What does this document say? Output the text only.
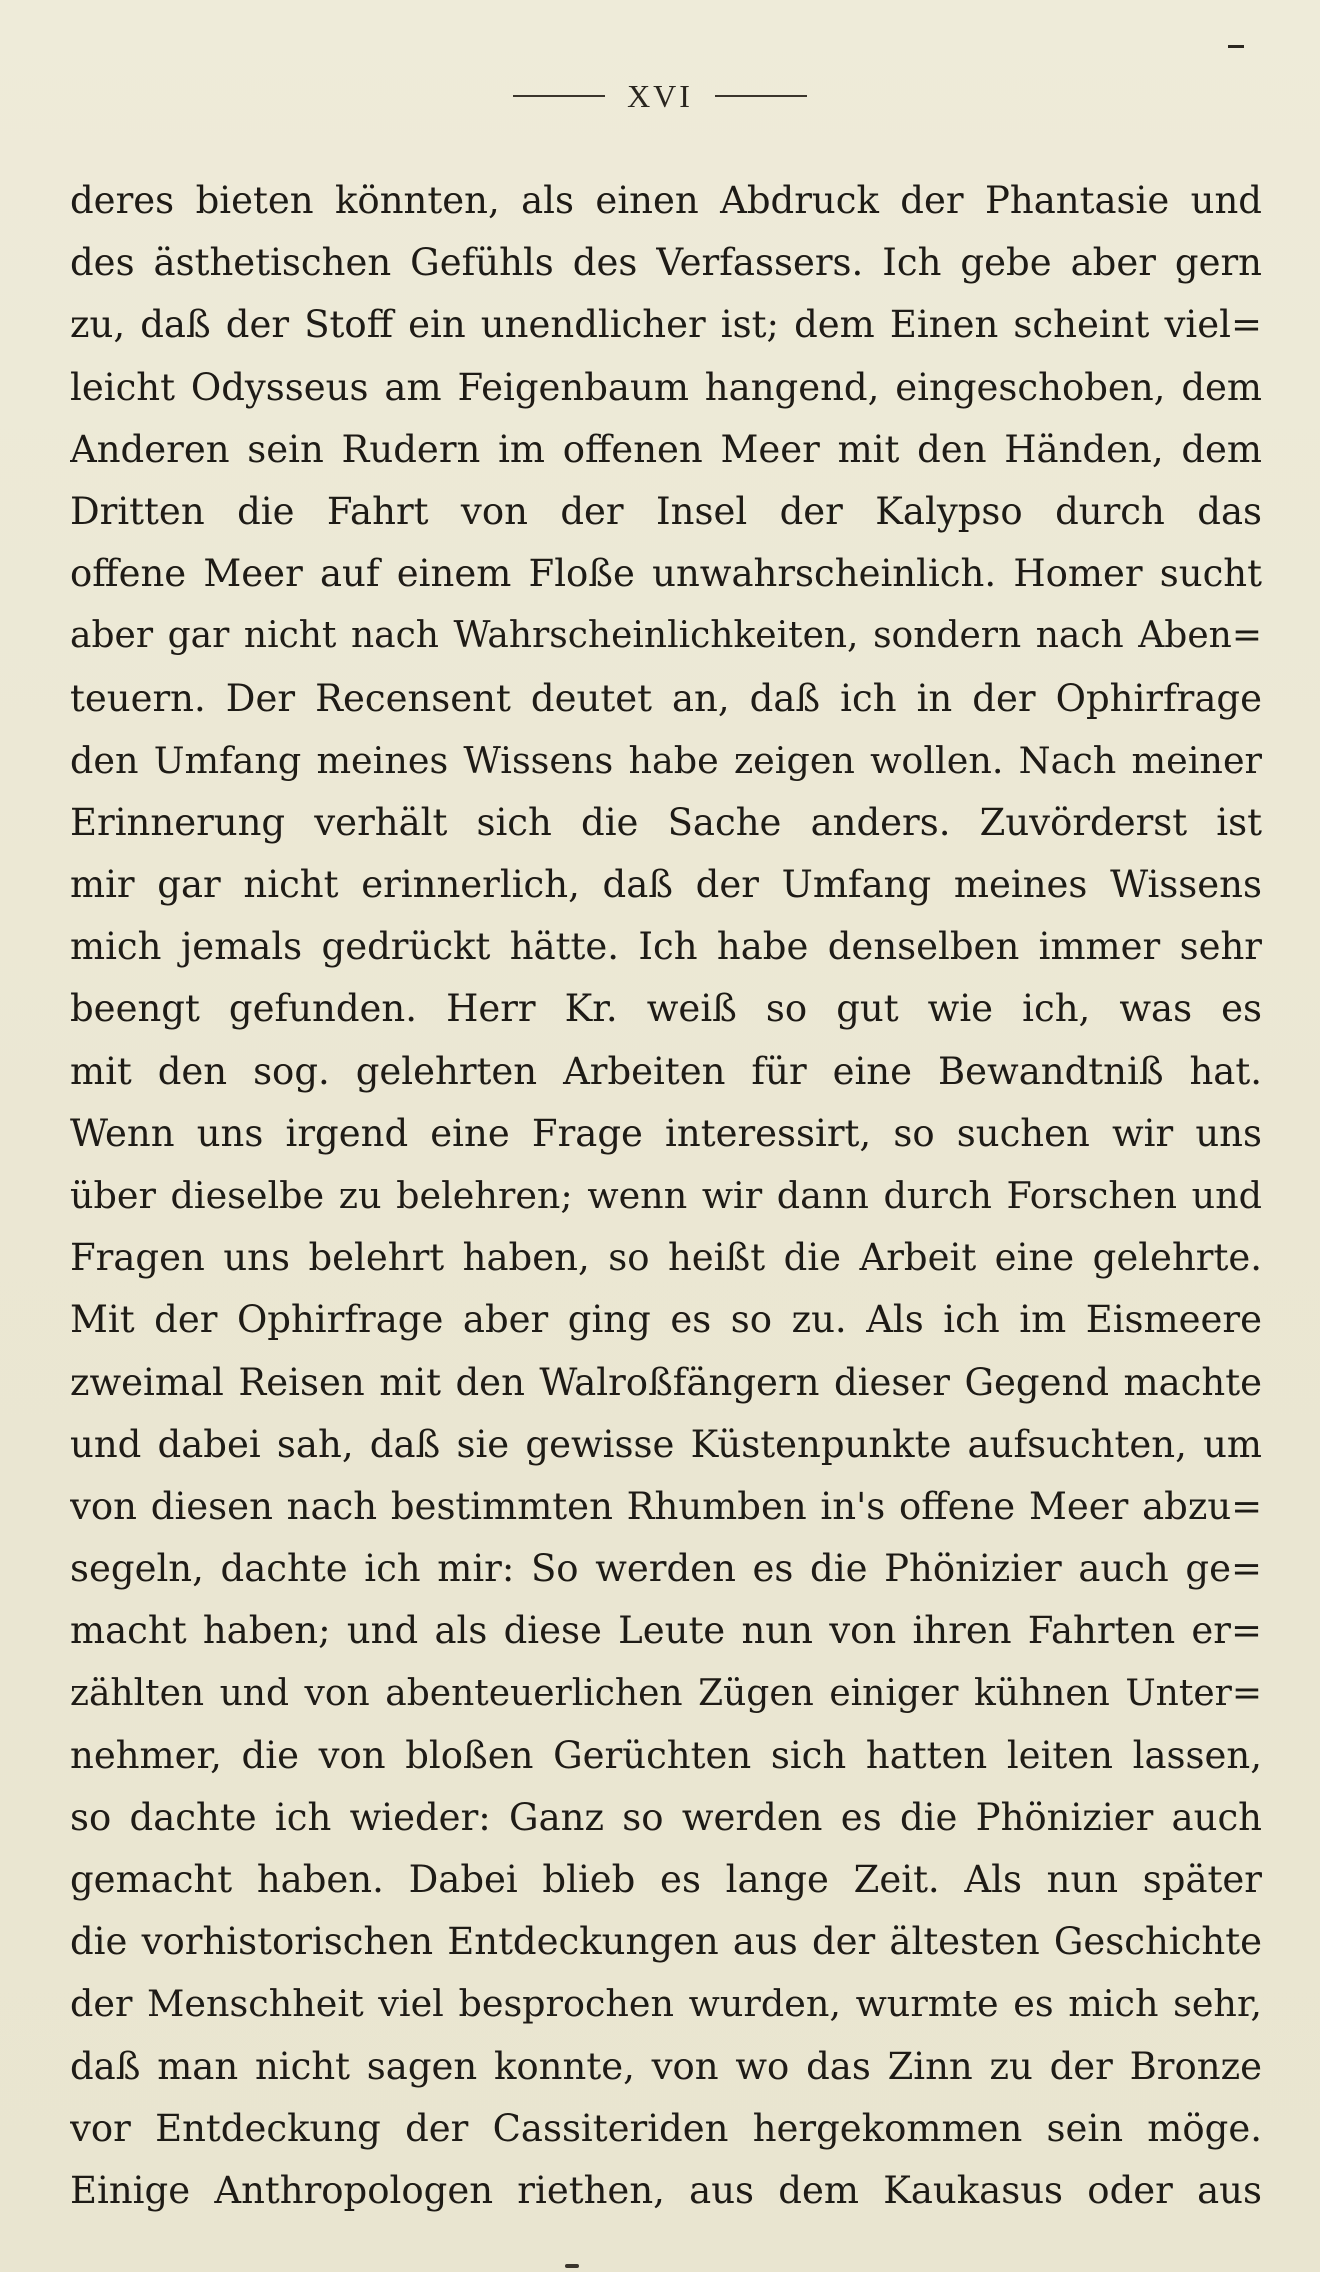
XVI
deres bieten könnten, als einen Abdruck der Phantasie und
des ästhetischen Gefühls des Verfassers. Ich gebe aber gern
zu, daß der Stoff ein unendlicher ist; dem Einen scheint viel=
leicht Odysseus am Feigenbaum hangend, eingeschoben, dem
Anderen sein Rudern im offenen Meer mit den Händen, dem
Dritten die Fahrt von der Insel der Kalypso durch das
offene Meer auf einem Floße unwahrscheinlich. Homer sucht
aber gar nicht nach Wahrscheinlichkeiten, sondern nach Aben=
teuern. Der Recensent deutet an, daß ich in der Ophirfrage
den Umfang meines Wissens habe zeigen wollen. Nach meiner
Erinnerung verhält sich die Sache anders. Zuvörderst ist
mir gar nicht erinnerlich, daß der Umfang meines Wissens
mich jemals gedrückt hätte. Ich habe denselben immer sehr
beengt gefunden. Herr Kr. weiß so gut wie ich, was es
mit den sog. gelehrten Arbeiten für eine Bewandtniß hat.
Wenn uns irgend eine Frage interessirt, so suchen wir uns
über dieselbe zu belehren; wenn wir dann durch Forschen und
Fragen uns belehrt haben, so heißt die Arbeit eine gelehrte.
Mit der Ophirfrage aber ging es so zu. Als ich im Eismeere
zweimal Reisen mit den Walroßfängern dieser Gegend machte
und dabei sah, daß sie gewisse Küstenpunkte aufsuchten, um
von diesen nach bestimmten Rhumben in's offene Meer abzu=
segeln, dachte ich mir: So werden es die Phönizier auch ge=
macht haben; und als diese Leute nun von ihren Fahrten er=
zählten und von abenteuerlichen Zügen einiger kühnen Unter=
nehmer, die von bloßen Gerüchten sich hatten leiten lassen,
so dachte ich wieder: Ganz so werden es die Phönizier auch
gemacht haben. Dabei blieb es lange Zeit. Als nun später
die vorhistorischen Entdeckungen aus der ältesten Geschichte
der Menschheit viel besprochen wurden, wurmte es mich sehr,
daß man nicht sagen konnte, von wo das Zinn zu der Bronze
vor Entdeckung der Cassiteriden hergekommen sein möge.
Einige Anthropologen riethen, aus dem Kaukasus oder aus
